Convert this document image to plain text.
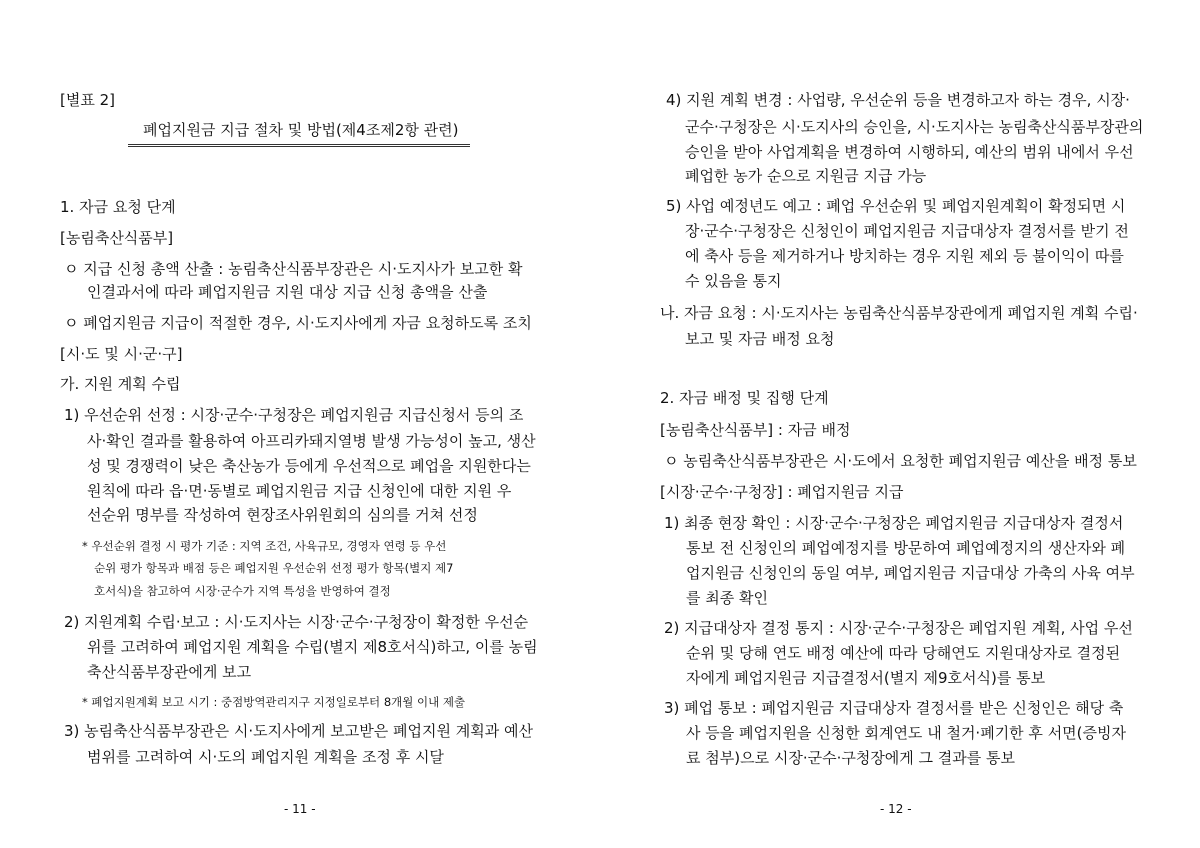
[별표 2]
폐업지원금 지급 절차 및 방법(제4조제2항 관련)
1. 자금 요청 단계
[농림축산식품부]
ㅇ 지급 신청 총액 산출 : 농림축산식품부장관은 시·도지사가 보고한 확
인결과서에 따라 폐업지원금 지원 대상 지급 신청 총액을 산출
ㅇ 폐업지원금 지급이 적절한 경우, 시·도지사에게 자금 요청하도록 조치
[시·도 및 시·군·구]
가. 지원 계획 수립
1) 우선순위 선정 : 시장·군수·구청장은 폐업지원금 지급신청서 등의 조
사·확인 결과를 활용하여 아프리카돼지열병 발생 가능성이 높고, 생산
성 및 경쟁력이 낮은 축산농가 등에게 우선적으로 폐업을 지원한다는
원칙에 따라 읍·면·동별로 폐업지원금 지급 신청인에 대한 지원 우
선순위 명부를 작성하여 현장조사위원회의 심의를 거쳐 선정
* 우선순위 결정 시 평가 기준 : 지역 조건, 사육규모, 경영자 연령 등 우선
순위 평가 항목과 배점 등은 폐업지원 우선순위 선정 평가 항목(별지 제7
호서식)을 참고하여 시장·군수가 지역 특성을 반영하여 결정
2) 지원계획 수립·보고 : 시·도지사는 시장·군수·구청장이 확정한 우선순
위를 고려하여 폐업지원 계획을 수립(별지 제8호서식)하고, 이를 농림
축산식품부장관에게 보고
* 폐업지원계획 보고 시기 : 중점방역관리지구 지정일로부터 8개월 이내 제출
3) 농림축산식품부장관은 시·도지사에게 보고받은 폐업지원 계획과 예산
범위를 고려하여 시·도의 폐업지원 계획을 조정 후 시달
- 11 -
4) 지원 계획 변경 : 사업량, 우선순위 등을 변경하고자 하는 경우, 시장·
군수·구청장은 시·도지사의 승인을, 시·도지사는 농림축산식품부장관의
승인을 받아 사업계획을 변경하여 시행하되, 예산의 범위 내에서 우선
폐업한 농가 순으로 지원금 지급 가능
5) 사업 예정년도 예고 : 폐업 우선순위 및 폐업지원계획이 확정되면 시
장·군수·구청장은 신청인이 폐업지원금 지급대상자 결정서를 받기 전
에 축사 등을 제거하거나 방치하는 경우 지원 제외 등 불이익이 따를
수 있음을 통지
나. 자금 요청 : 시·도지사는 농림축산식품부장관에게 폐업지원 계획 수립·
보고 및 자금 배정 요청
2. 자금 배정 및 집행 단계
[농림축산식품부] : 자금 배정
ㅇ 농림축산식품부장관은 시·도에서 요청한 폐업지원금 예산을 배정 통보
[시장·군수·구청장] : 폐업지원금 지급
1) 최종 현장 확인 : 시장·군수·구청장은 폐업지원금 지급대상자 결정서
통보 전 신청인의 폐업예정지를 방문하여 폐업예정지의 생산자와 폐
업지원금 신청인의 동일 여부, 폐업지원금 지급대상 가축의 사육 여부
를 최종 확인
2) 지급대상자 결정 통지 : 시장·군수·구청장은 폐업지원 계획, 사업 우선
순위 및 당해 연도 배정 예산에 따라 당해연도 지원대상자로 결정된
자에게 폐업지원금 지급결정서(별지 제9호서식)를 통보
3) 폐업 통보 : 폐업지원금 지급대상자 결정서를 받은 신청인은 해당 축
사 등을 폐업지원을 신청한 회계연도 내 철거·폐기한 후 서면(증빙자
료 첨부)으로 시장·군수·구청장에게 그 결과를 통보
- 12 -
